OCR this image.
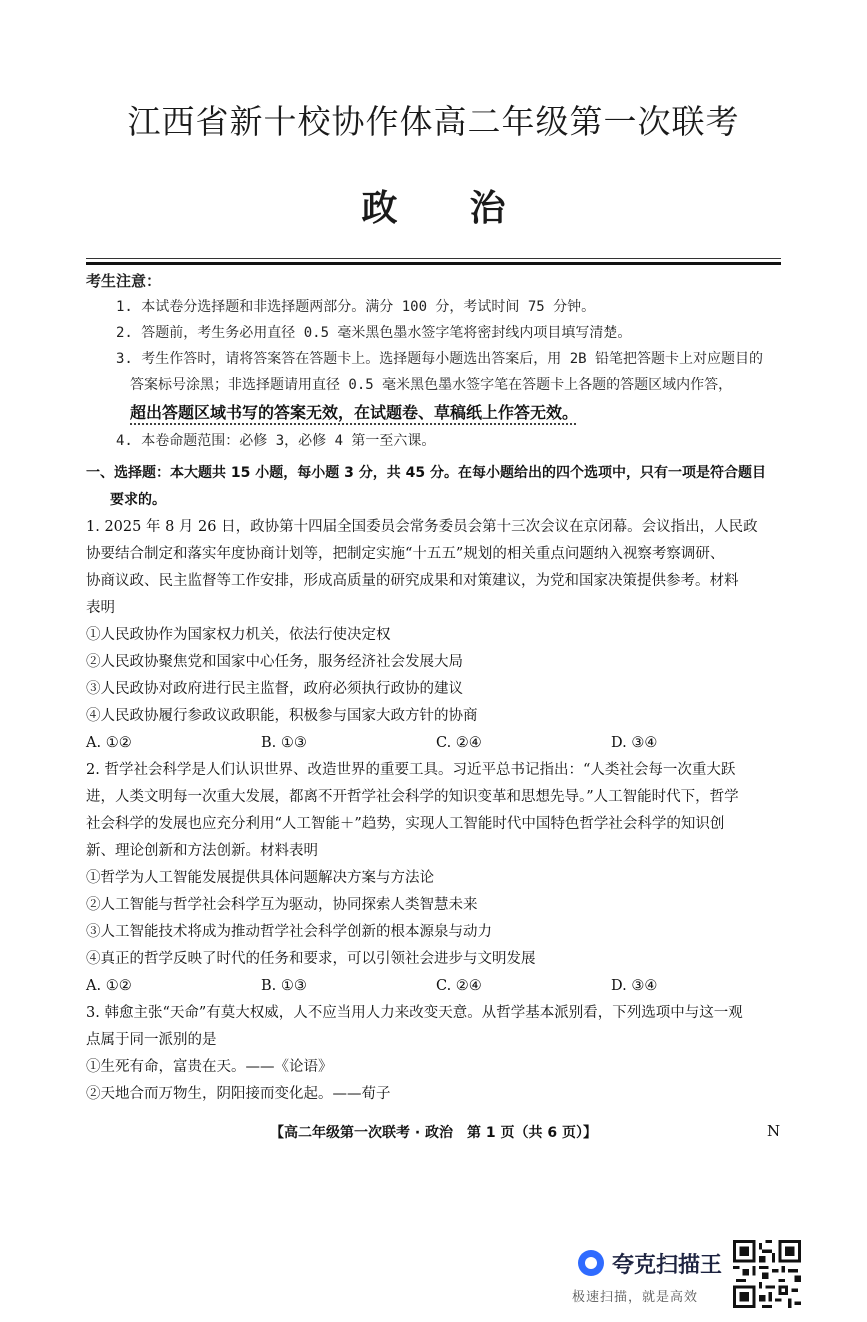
江西省新十校协作体高二年级第一次联考
政 治
考生注意：
1. 本试卷分选择题和非选择题两部分。满分 100 分，考试时间 75 分钟。
2. 答题前，考生务必用直径 0.5 毫米黑色墨水签字笔将密封线内项目填写清楚。
3. 考生作答时，请将答案答在答题卡上。选择题每小题选出答案后，用 2B 铅笔把答题卡上对应题目的
答案标号涂黑；非选择题请用直径 0.5 毫米黑色墨水签字笔在答题卡上各题的答题区域内作答，
超出答题区域书写的答案无效，在试题卷、草稿纸上作答无效。
4. 本卷命题范围：必修 3，必修 4 第一至六课。
一、选择题：本大题共 15 小题，每小题 3 分，共 45 分。在每小题给出的四个选项中，只有一项是符合题目
要求的。
1. 2025 年 8 月 26 日，政协第十四届全国委员会常务委员会第十三次会议在京闭幕。会议指出，人民政
协要结合制定和落实年度协商计划等，把制定实施“十五五”规划的相关重点问题纳入视察考察调研、
协商议政、民主监督等工作安排，形成高质量的研究成果和对策建议，为党和国家决策提供参考。材料
表明
①人民政协作为国家权力机关，依法行使决定权
②人民政协聚焦党和国家中心任务，服务经济社会发展大局
③人民政协对政府进行民主监督，政府必须执行政协的建议
④人民政协履行参政议政职能，积极参与国家大政方针的协商
A. ①②	B. ①③	C. ②④	D. ③④
2. 哲学社会科学是人们认识世界、改造世界的重要工具。习近平总书记指出：“人类社会每一次重大跃
进，人类文明每一次重大发展，都离不开哲学社会科学的知识变革和思想先导。”人工智能时代下，哲学
社会科学的发展也应充分利用“人工智能＋”趋势，实现人工智能时代中国特色哲学社会科学的知识创
新、理论创新和方法创新。材料表明
①哲学为人工智能发展提供具体问题解决方案与方法论
②人工智能与哲学社会科学互为驱动，协同探索人类智慧未来
③人工智能技术将成为推动哲学社会科学创新的根本源泉与动力
④真正的哲学反映了时代的任务和要求，可以引领社会进步与文明发展
A. ①②	B. ①③	C. ②④	D. ③④
3. 韩愈主张“天命”有莫大权威，人不应当用人力来改变天意。从哲学基本派别看，下列选项中与这一观
点属于同一派别的是
①生死有命，富贵在天。——《论语》
②天地合而万物生，阴阳接而变化起。——荀子
【高二年级第一次联考 · 政治　第 1 页（共 6 页）】	N
夸克扫描王
极速扫描，就是高效
